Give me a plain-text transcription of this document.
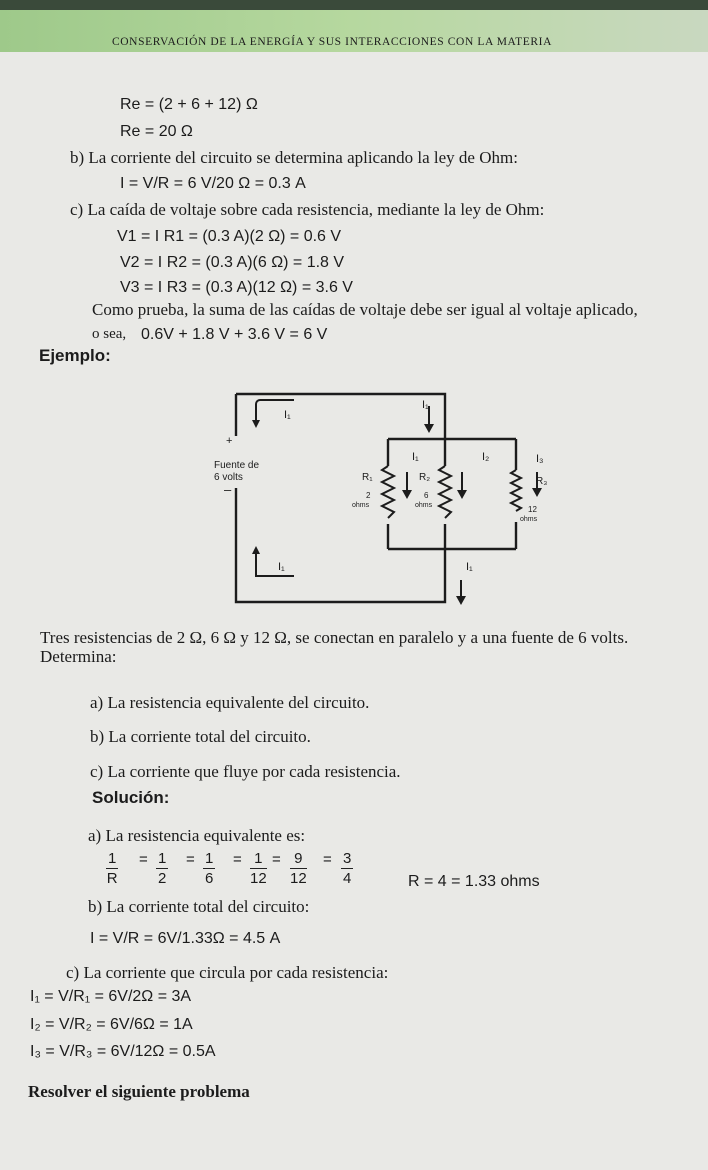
CONSERVACIÓN DE LA ENERGÍA Y SUS INTERACCIONES CON LA MATERIA
Re = (2 + 6 + 12) Ω
Re = 20 Ω
b) La corriente del circuito se determina aplicando la ley de Ohm:
I = V/R = 6 V/20 Ω = 0.3 A
c) La caída de voltaje sobre cada resistencia, mediante la ley de Ohm:
V1 = I R1 = (0.3 A)(2 Ω) = 0.6 V
V2 = I R2 = (0.3 A)(6 Ω) = 1.8 V
V3 = I R3 = (0.3 A)(12 Ω) = 3.6 V
Como prueba, la suma de las caídas de voltaje debe ser igual al voltaje aplicado,
o sea, 0.6V + 1.8 V + 3.6 V = 6 V
Ejemplo:
I₁
I₁
I₁	I₂	I₃
I₁	I₁
+
Fuente de
6 volts
–
R₁
2
ohms
R₂
6
ohms
R₃
12
ohms
Tres resistencias de 2 Ω, 6 Ω y 12 Ω, se conectan en paralelo y a una fuente de 6 volts.
Determina:
a) La resistencia equivalente del circuito.
b) La corriente total del circuito.
c) La corriente que fluye por cada resistencia.
Solución:
a) La resistencia equivalente es:
$\frac{1}{R} = \frac{1}{2} = \frac{1}{6} = \frac{1}{12} = \frac{9}{12} = \frac{3}{4}$	R = 4 = 1.33 ohms
b) La corriente total del circuito:
I = V/R = 6V/1.33Ω = 4.5 A
c) La corriente que circula por cada resistencia:
I₁ = V/R₁ = 6V/2Ω = 3A
I₂ = V/R₂ = 6V/6Ω = 1A
I₃ = V/R₃ = 6V/12Ω = 0.5A
Resolver el siguiente problema
